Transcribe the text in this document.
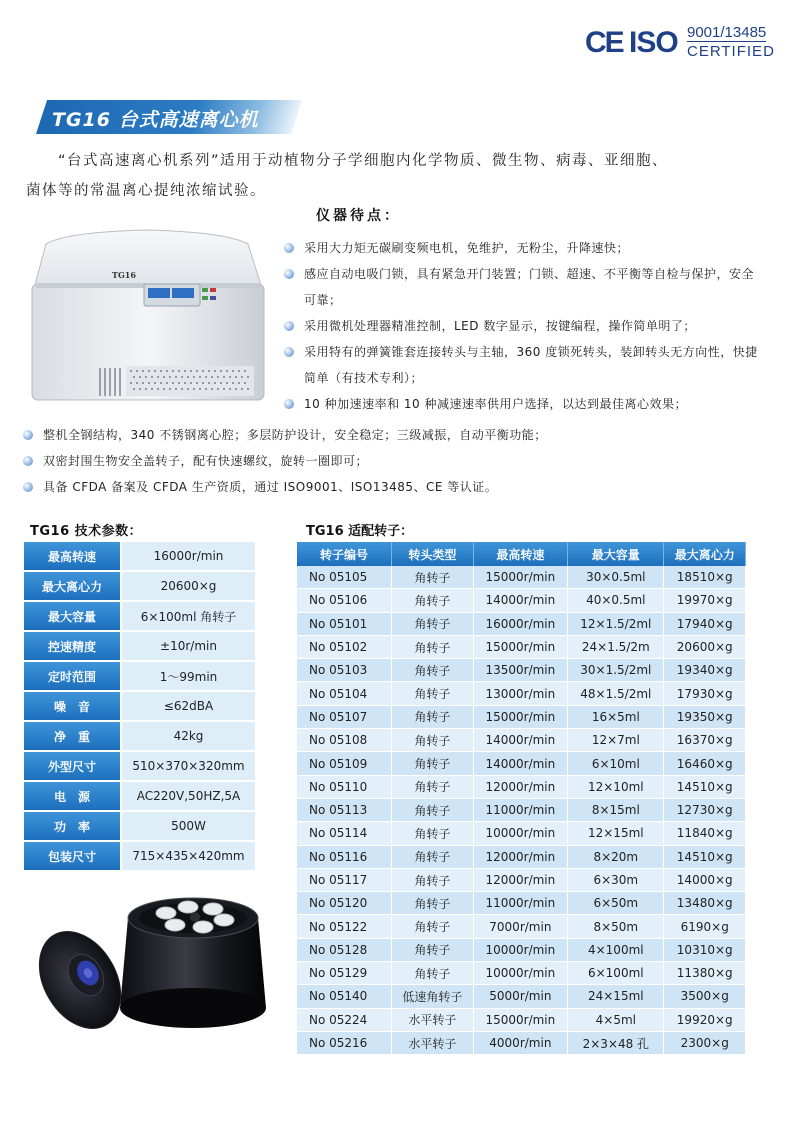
CE ISO 9001/13485
CERTIFIED
TG16 台式高速离心机

“台式高速离心机系列”适用于动植物分子学细胞内化学物质、微生物、病毒、亚细胞、

菌体等的常温离心提纯浓缩试验。

仪器待点：
TG16
采用大力矩无碳刷变频电机，免维护，无粉尘，升降速快；
感应自动电吸门锁，具有紧急开门装置；门锁、超速、不平衡等自检与保护，安全可靠；
采用微机处理器精准控制，LED 数字显示，按键编程，操作简单明了；
采用特有的弹簧锥套连接转头与主轴，360 度锁死转头，装卸转头无方向性，快捷简单（有技术专利）；
10 种加速速率和 10 种减速速率供用户选择，以达到最佳离心效果；
整机全钢结构，340 不锈钢离心腔；多层防护设计，安全稳定；三级减振，自动平衡功能；
双密封围生物安全盖转子，配有快速螺纹，旋转一圈即可；
具备 CFDA 备案及 CFDA 生产资质，通过 ISO9001、ISO13485、CE 等认证。
TG16 技术参数：
最高转速	16000r/min
最大离心力	20600×g
最大容量	6×100ml 角转子
控速精度	±10r/min
定时范围	1～99min
噪　音	≤62dBA
净　重	42kg
外型尺寸	510×370×320mm
电　源	AC220V,50HZ,5A
功　率	500W
包装尺寸	715×435×420mm
TG16 适配转子：
转子编号	转头类型	最高转速	最大容量	最大离心力
No 05105	角转子	15000r/min	30×0.5ml	18510×g
No 05106	角转子	14000r/min	40×0.5ml	19970×g
No 05101	角转子	16000r/min	12×1.5/2ml	17940×g
No 05102	角转子	15000r/min	24×1.5/2m	20600×g
No 05103	角转子	13500r/min	30×1.5/2ml	19340×g
No 05104	角转子	13000r/min	48×1.5/2ml	17930×g
No 05107	角转子	15000r/min	16×5ml	19350×g
No 05108	角转子	14000r/min	12×7ml	16370×g
No 05109	角转子	14000r/min	6×10ml	16460×g
No 05110	角转子	12000r/min	12×10ml	14510×g
No 05113	角转子	11000r/min	8×15ml	12730×g
No 05114	角转子	10000r/min	12×15ml	11840×g
No 05116	角转子	12000r/min	8×20m	14510×g
No 05117	角转子	12000r/min	6×30m	14000×g
No 05120	角转子	11000r/min	6×50m	13480×g
No 05122	角转子	7000r/min	8×50m	6190×g
No 05128	角转子	10000r/min	4×100ml	10310×g
No 05129	角转子	10000r/min	6×100ml	11380×g
No 05140	低速角转子	5000r/min	24×15ml	3500×g
No 05224	水平转子	15000r/min	4×5ml	19920×g
No 05216	水平转子	4000r/min	2×3×48 孔	2300×g
